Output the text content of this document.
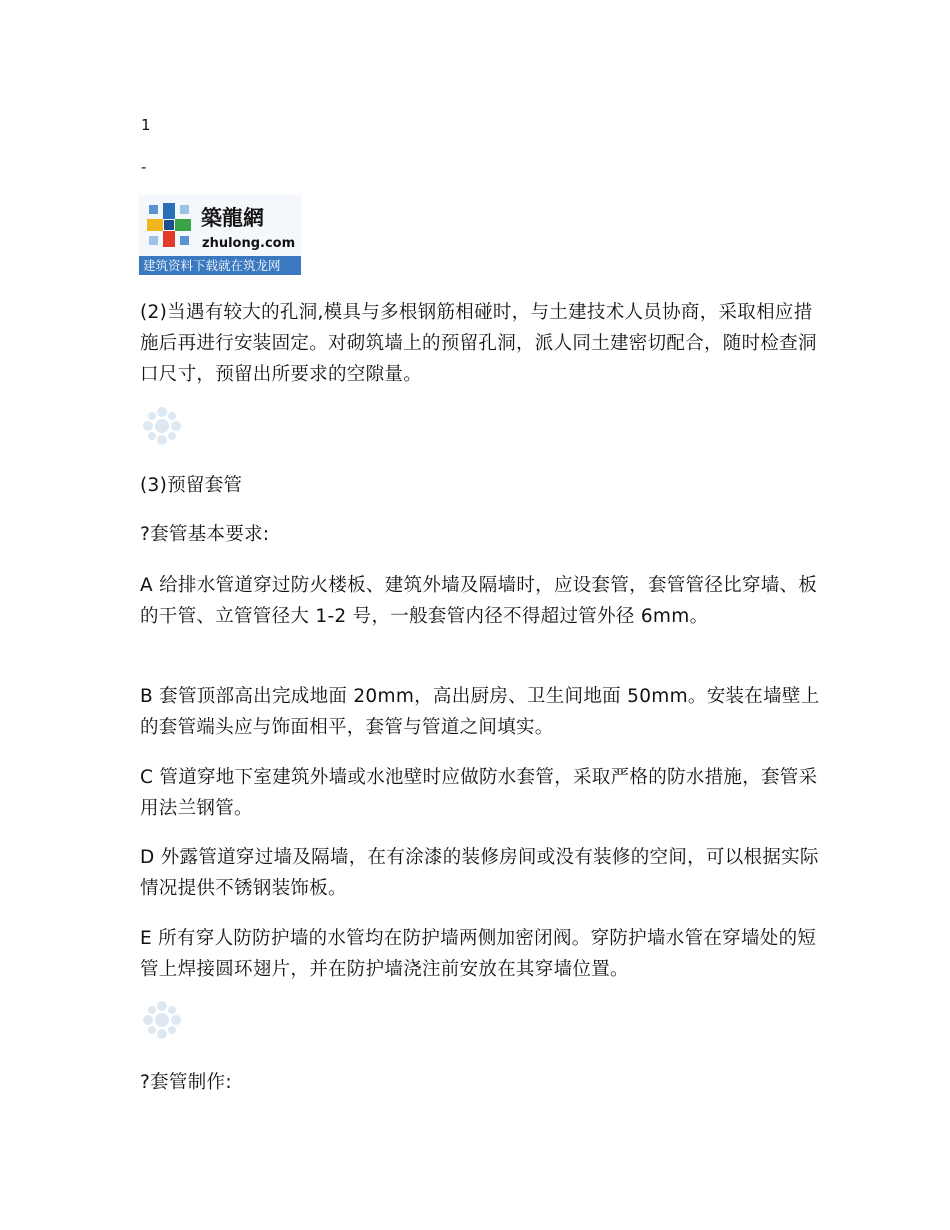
1
-
築龍網
zhulong.com
建筑资料下载就在筑龙网
(2)当遇有较大的孔洞,模具与多根钢筋相碰时，与土建技术人员协商，采取相应措施后再进行安装固定。对砌筑墙上的预留孔洞，派人同土建密切配合，随时检查洞口尺寸，预留出所要求的空隙量。
(3)预留套管
?套管基本要求:
A 给排水管道穿过防火楼板、建筑外墙及隔墙时，应设套管，套管管径比穿墙、板的干管、立管管径大 1-2 号，一般套管内径不得超过管外径 6mm。
B 套管顶部高出完成地面 20mm，高出厨房、卫生间地面 50mm。安装在墙壁上的套管端头应与饰面相平，套管与管道之间填实。
C 管道穿地下室建筑外墙或水池壁时应做防水套管，采取严格的防水措施，套管采用法兰钢管。
D 外露管道穿过墙及隔墙，在有涂漆的装修房间或没有装修的空间，可以根据实际情况提供不锈钢装饰板。
E 所有穿人防防护墙的水管均在防护墙两侧加密闭阀。穿防护墙水管在穿墙处的短管上焊接圆环翅片，并在防护墙浇注前安放在其穿墙位置。
?套管制作:
